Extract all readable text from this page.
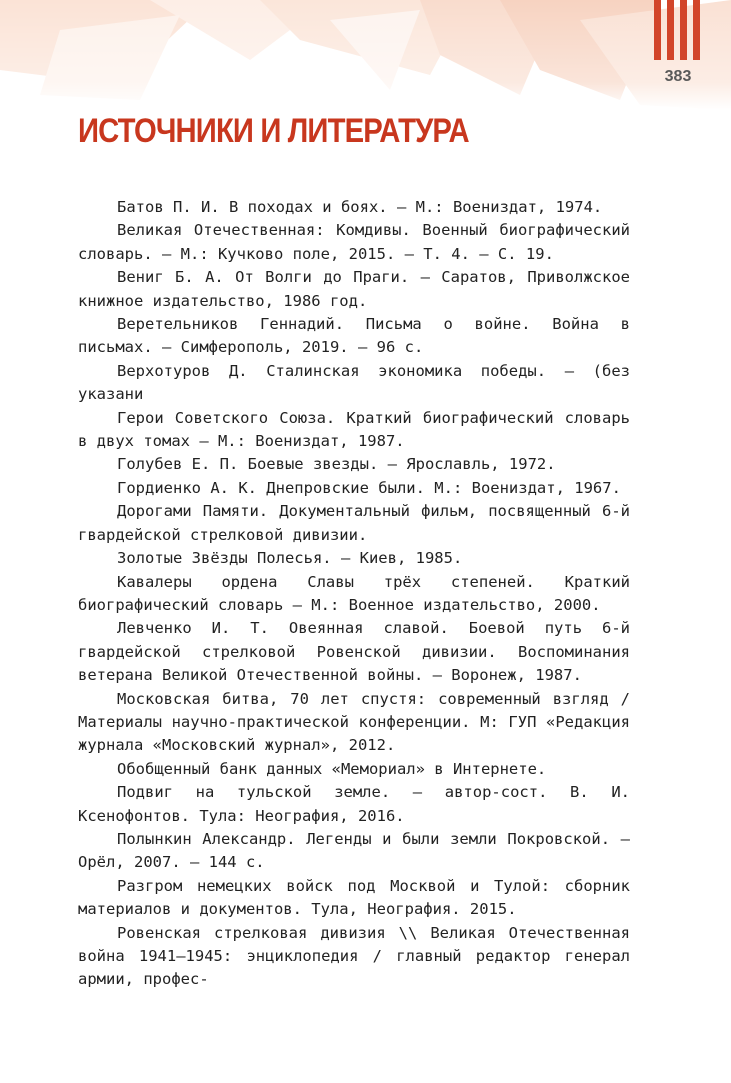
383
ИСТОЧНИКИ И ЛИТЕРАТУРА

Батов П. И. В походах и боях. — М.: Воениздат, 1974.

Великая Отечественная: Комдивы. Военный биографический словарь. — М.: Кучково поле, 2015. — Т. 4. — С. 19.

Вениг Б. А. От Волги до Праги. — Саратов, Приволжское книжное издательство, 1986 год.

Веретельников Геннадий. Письма о войне. Война в письмах. — Симферополь, 2019. — 96 с.

Верхотуров Д. Сталинская экономика победы. — (без указани

Герои Советского Союза. Краткий биографический словарь в двух томах — М.: Воениздат, 1987.

Голубев Е. П. Боевые звезды. — Ярославль, 1972.

Гордиенко А. К. Днепровские были. М.: Воениздат, 1967.

Дорогами Памяти. Документальный фильм, посвященный 6-й гвардейской стрелковой дивизии.

Золотые Звёзды Полесья. — Киев, 1985.

Кавалеры ордена Славы трёх степеней. Краткий биографический словарь — М.: Военное издательство, 2000.

Левченко И. Т. Овеянная славой. Боевой путь 6-й гвардейской стрелковой Ровенской дивизии. Воспоминания ветерана Великой Отечественной войны. — Воронеж, 1987.

Московская битва, 70 лет спустя: современный взгляд / Материалы научно-практической конференции. М: ГУП «Редакция журнала «Московский журнал», 2012.

Обобщенный банк данных «Мемориал» в Интернете.

Подвиг на тульской земле. — автор-сост. В. И. Ксенофонтов. Тула: Неография, 2016.

Полынкин Александр. Легенды и были земли Покровской. — Орёл, 2007. — 144 с.

Разгром немецких войск под Москвой и Тулой: сборник материалов и документов. Тула, Неография. 2015.

Ровенская стрелковая дивизия \\ Великая Отечественная война 1941–1945: энциклопедия / главный редактор генерал армии, профес-
